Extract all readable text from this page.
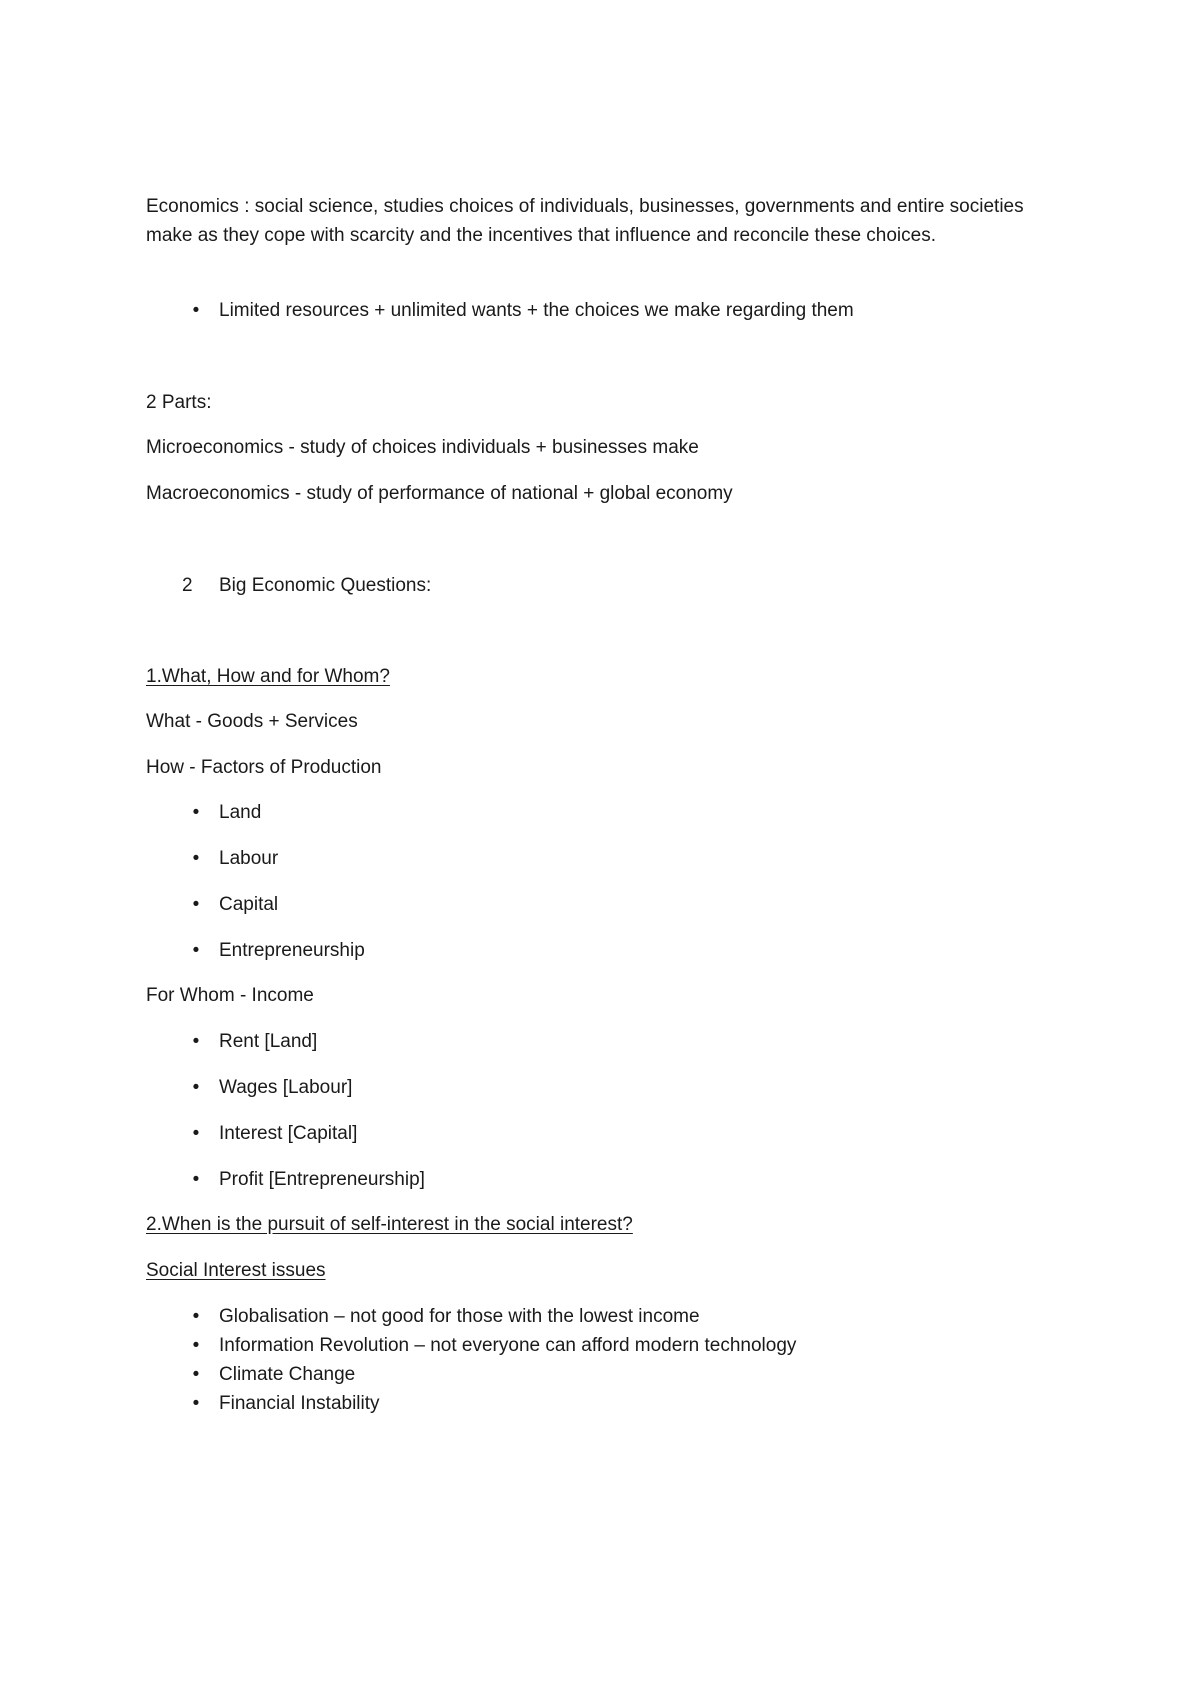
Economics : social science, studies choices of individuals, businesses, governments and entire societies make as they cope with scarcity and the incentives that influence and reconcile these choices.
•	Limited resources + unlimited wants + the choices we make regarding them
2 Parts:
Microeconomics - study of choices individuals + businesses make
Macroeconomics - study of performance of national + global economy
2 Big Economic Questions:
1.What, How and for Whom?
What - Goods + Services
How - Factors of Production
•	Land
•	Labour
•	Capital
•	Entrepreneurship
For Whom - Income
•	Rent [Land]
•	Wages [Labour]
•	Interest [Capital]
•	Profit [Entrepreneurship]
2.When is the pursuit of self-interest in the social interest?
Social Interest issues
•	Globalisation – not good for those with the lowest income
•	Information Revolution – not everyone can afford modern technology
•	Climate Change
•	Financial Instability
